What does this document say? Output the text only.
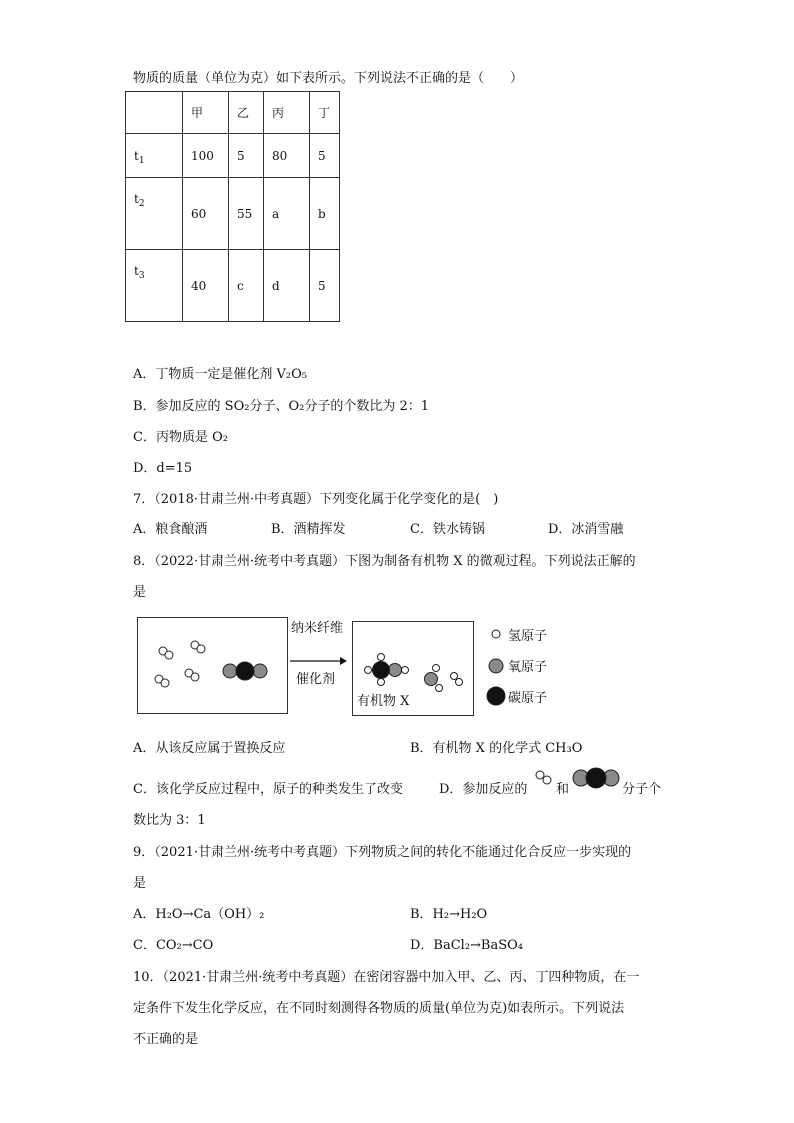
物质的质量（单位为克）如下表所示。下列说法不正确的是（　　）
	甲	乙	丙	丁
$t_1$	100	5	80	5
$t_2$	60	55	a	b
$t_3$	40	c	d	5
A．丁物质一定是催化剂 V₂O₅
B．参加反应的 SO₂分子、O₂分子的个数比为 2：1
C．丙物质是 O₂
D．d=15
7．（2018·甘肃兰州·中考真题）下列变化属于化学变化的是(　)
A．粮食酿酒	B．酒精挥发	C．铁水铸锅	D．冰消雪融
8．（2022·甘肃兰州·统考中考真题）下图为制备有机物 X 的微观过程。下列说法正解的
是
纳米纤维
催化剂
有机物 X
氢原子
氧原子
碳原子
A．从该反应属于置换反应	B．有机物 X 的化学式 CH₃O
C．该化学反应过程中，原子的种类发生了改变	D．参加反应的 和	分子个
数比为 3：1
9．（2021·甘肃兰州·统考中考真题）下列物质之间的转化不能通过化合反应一步实现的
是
A．H₂O→Ca（OH）₂	B．H₂→H₂O
C．CO₂→CO	D．BaCl₂→BaSO₄
10．（2021·甘肃兰州·统考中考真题）在密闭容器中加入甲、乙、丙、丁四种物质，在一
定条件下发生化学反应，在不同时刻测得各物质的质量(单位为克)如表所示。下列说法
不正确的是
